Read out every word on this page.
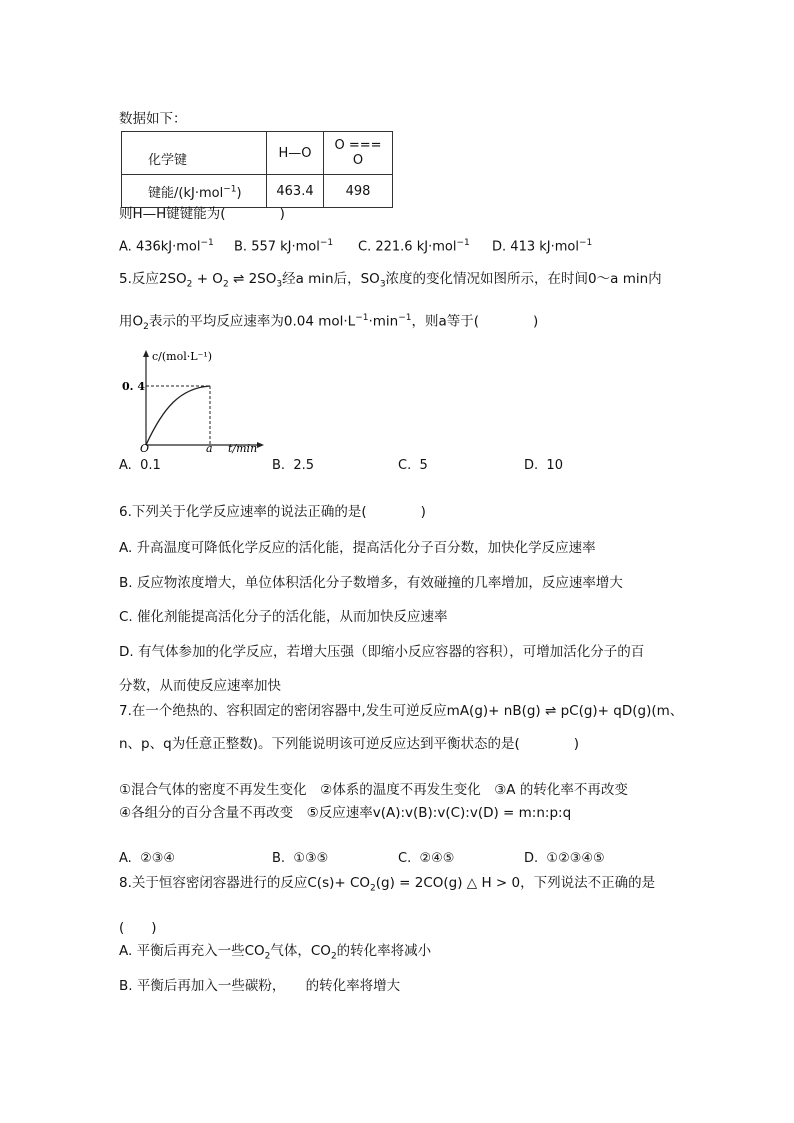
数据如下：
化学键	H—O	O === O
键能/(kJ·mol$^{-1}$)	463.4	498
则H—H键键能为(　　　　)
A. 436kJ·mol$^{-1}$ B. 557 kJ·mol$^{-1}$ C. 221.6 kJ·mol$^{-1}$ D. 413 kJ·mol$^{-1}$
5.反应$2SO_2 + O_2$ ⇌ $2SO_3$经a min后，$SO_3$浓度的变化情况如图所示，在时间0～a min内
用$O_2$表示的平均反应速率为0.04 $mol\cdot L^{-1}\cdot\min^{-1}$，则a等于(　　　　)
c/(mol·L⁻¹)
0. 4
O	a t/min
A. 0.1	B. 2.5	C. 5	D. 10
6.下列关于化学反应速率的说法正确的是(　　　　)
A. 升高温度可降低化学反应的活化能，提高活化分子百分数，加快化学反应速率
B. 反应物浓度增大，单位体积活化分子数增多，有效碰撞的几率增加，反应速率增大
C. 催化剂能提高活化分子的活化能，从而加快反应速率
D. 有气体参加的化学反应，若增大压强（即缩小反应容器的容积），可增加活化分子的百
分数，从而使反应速率加快
7.在一个绝热的、容积固定的密闭容器中,发生可逆反应mA(g)+ nB(g) ⇌ pC(g)+ qD(g)(m、
n、p、q为任意正整数)。下列能说明该可逆反应达到平衡状态的是(　　　　)
①混合气体的密度不再发生变化　②体系的温度不再发生变化　③A 的转化率不再改变
④各组分的百分含量不再改变　⑤反应速率v(A):v(B):v(C):v(D) = m:n:p:q
A. ②③④	B. ①③⑤	C. ②④⑤	D. ①②③④⑤
8.关于恒容密闭容器进行的反应$C(s)+ CO_2(g) = 2CO(g)$ △ H > 0，下列说法不正确的是
(　　)
A. 平衡后再充入一些$CO_2$气体，$CO_2$的转化率将减小
B. 平衡后再加入一些碳粉，　　的转化率将增大
